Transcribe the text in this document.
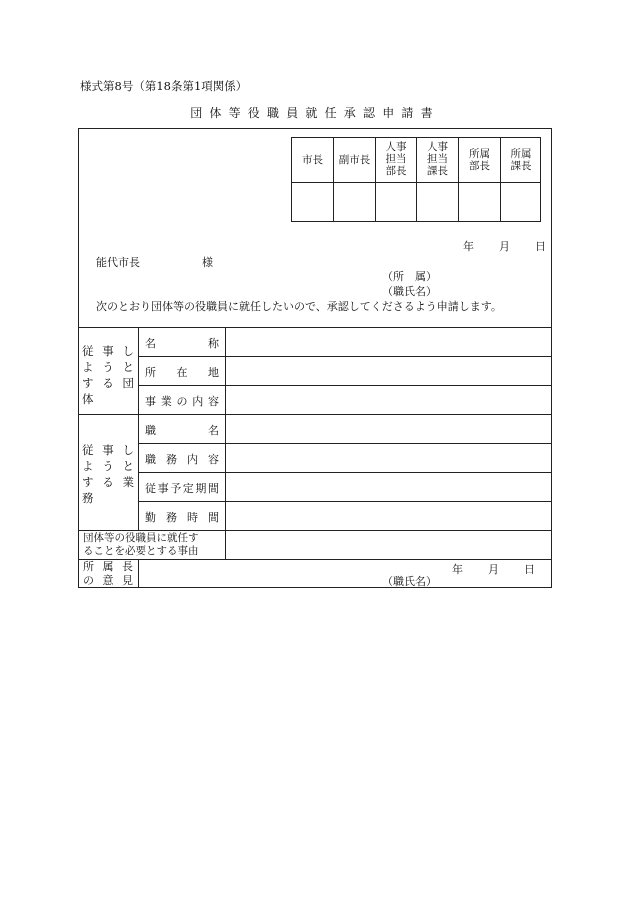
様式第8号（第18条第1項関係）
団体等役職員就任承認申請書
市長	副市長
人事
担当
部長
人事
担当
課長
所属
部長
所属
課長
年 月 日
能代市長	様
（所　属）
（職氏名）
次のとおり団体等の役職員に就任したいので、承認してくださるよう申請します。
従 事 し
よ う と
す る 団
体
名称
所在地
事業の内容
従 事 し
よ う と
す る 業
務
職名
職務内容
従事予定期間
勤務時間
団体等の役職員に就任す
ることを必要とする事由
所属長
の意見
年 月 日
（職氏名）
